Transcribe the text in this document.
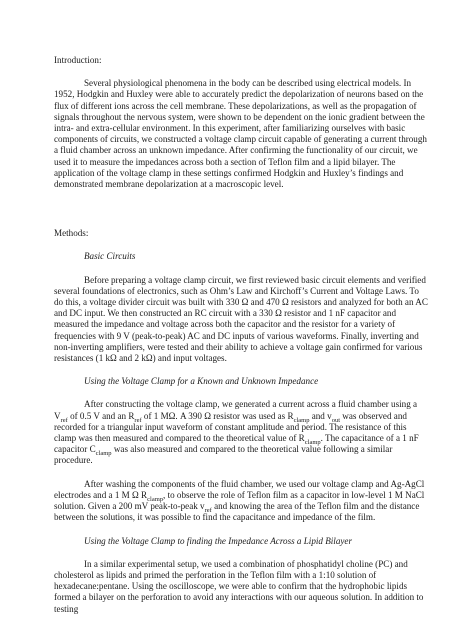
Introduction:
Several physiological phenomena in the body can be described using electrical models. In 1952, Hodgkin and Huxley were able to accurately predict the depolarization of neurons based on the flux of different ions across the cell membrane. These depolarizations, as well as the propagation of signals throughout the nervous system, were shown to be dependent on the ionic gradient between the intra- and extra-cellular environment. In this experiment, after familiarizing ourselves with basic components of circuits, we constructed a voltage clamp circuit capable of generating a current through a fluid chamber across an unknown impedance. After confirming the functionality of our circuit, we used it to measure the impedances across both a section of Teflon film and a lipid bilayer. The application of the voltage clamp in these settings confirmed Hodgkin and Huxley’s findings and demonstrated membrane depolarization at a macroscopic level.
Methods:
Basic Circuits
Before preparing a voltage clamp circuit, we first reviewed basic circuit elements and verified several foundations of electronics, such as Ohm’s Law and Kirchoff’s Current and Voltage Laws. To do this, a voltage divider circuit was built with 330 Ω and 470 Ω resistors and analyzed for both an AC and DC input. We then constructed an RC circuit with a 330 Ω resistor and 1 nF capacitor and measured the impedance and voltage across both the capacitor and the resistor for a variety of frequencies with 9 V (peak-to-peak) AC and DC inputs of various waveforms. Finally, inverting and non-inverting amplifiers, were tested and their ability to achieve a voltage gain confirmed for various resistances (1 kΩ and 2 kΩ) and input voltages.
Using the Voltage Clamp for a Known and Unknown Impedance
After constructing the voltage clamp, we generated a current across a fluid chamber using a $V_{ref}$ of 0.5 V and an $R_{ref}$ of 1 MΩ. A 390 Ω resistor was used as $R_{clamp}$ and $v_{out}$ was observed and recorded for a triangular input waveform of constant amplitude and period. The resistance of this clamp was then measured and compared to the theoretical value of $R_{clamp}$. The capacitance of a 1 nF capacitor $C_{clamp}$ was also measured and compared to the theoretical value following a similar procedure.
After washing the components of the fluid chamber, we used our voltage clamp and Ag-AgCl electrodes and a 1 M Ω $R_{clamp}$, to observe the role of Teflon film as a capacitor in low-level 1 M NaCl solution. Given a 200 mV peak-to-peak $v_{ref}$ and knowing the area of the Teflon film and the distance between the solutions, it was possible to find the capacitance and impedance of the film.
Using the Voltage Clamp to finding the Impedance Across a Lipid Bilayer
In a similar experimental setup, we used a combination of phosphatidyl choline (PC) and cholesterol as lipids and primed the perforation in the Teflon film with a 1:10 solution of hexadecane:pentane. Using the oscilloscope, we were able to confirm that the hydrophobic lipids formed a bilayer on the perforation to avoid any interactions with our aqueous solution. In addition to testing
